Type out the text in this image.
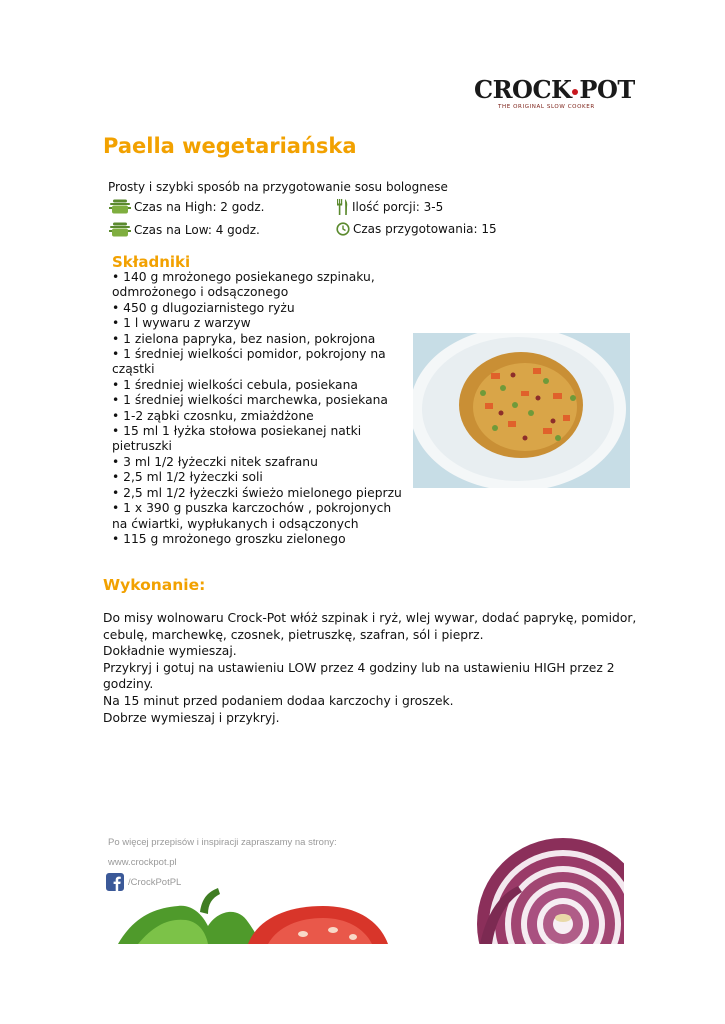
CROCK POT
THE ORIGINAL SLOW COOKER
Paella wegetariańska
Prosty i szybki sposób na przygotowanie sosu bolognese
Czas na High: 2 godz.
Czas na Low: 4 godz.
Ilość porcji: 3-5
Czas przygotowania: 15
Składniki
• 140 g mrożonego posiekanego szpinaku, odmrożonego i odsączonego
• 450 g dlugoziarnistego ryżu
• 1 l wywaru z warzyw
• 1 zielona papryka, bez nasion, pokrojona
• 1 średniej wielkości pomidor, pokrojony na cząstki
• 1 średniej wielkości cebula, posiekana
• 1 średniej wielkości marchewka, posiekana
• 1-2 ząbki czosnku, zmiażdżone
• 15 ml 1 łyżka stołowa posiekanej natki pietruszki
• 3 ml 1/2 łyżeczki nitek szafranu
• 2,5 ml 1/2 łyżeczki soli
• 2,5 ml 1/2 łyżeczki świeżo mielonego pieprzu
• 1 x 390 g puszka karczochów , pokrojonych na ćwiartki, wypłukanych i odsączonych
• 115 g mrożonego groszku zielonego
Wykonanie:

Do misy wolnowaru Crock-Pot włóż szpinak i ryż, wlej wywar, dodać paprykę, pomidor, cebulę, marchewkę, czosnek, pietruszkę, szafran, sól i pieprz.

Dokładnie wymieszaj.

Przykryj i gotuj na ustawieniu LOW przez 4 godziny lub na ustawieniu HIGH przez 2 godziny.

Na 15 minut przed podaniem dodaa karczochy i groszek.

Dobrze wymieszaj i przykryj.

Po więcej przepisów i inspiracji zapraszamy na strony:
www.crockpot.pl
/CrockPotPL
